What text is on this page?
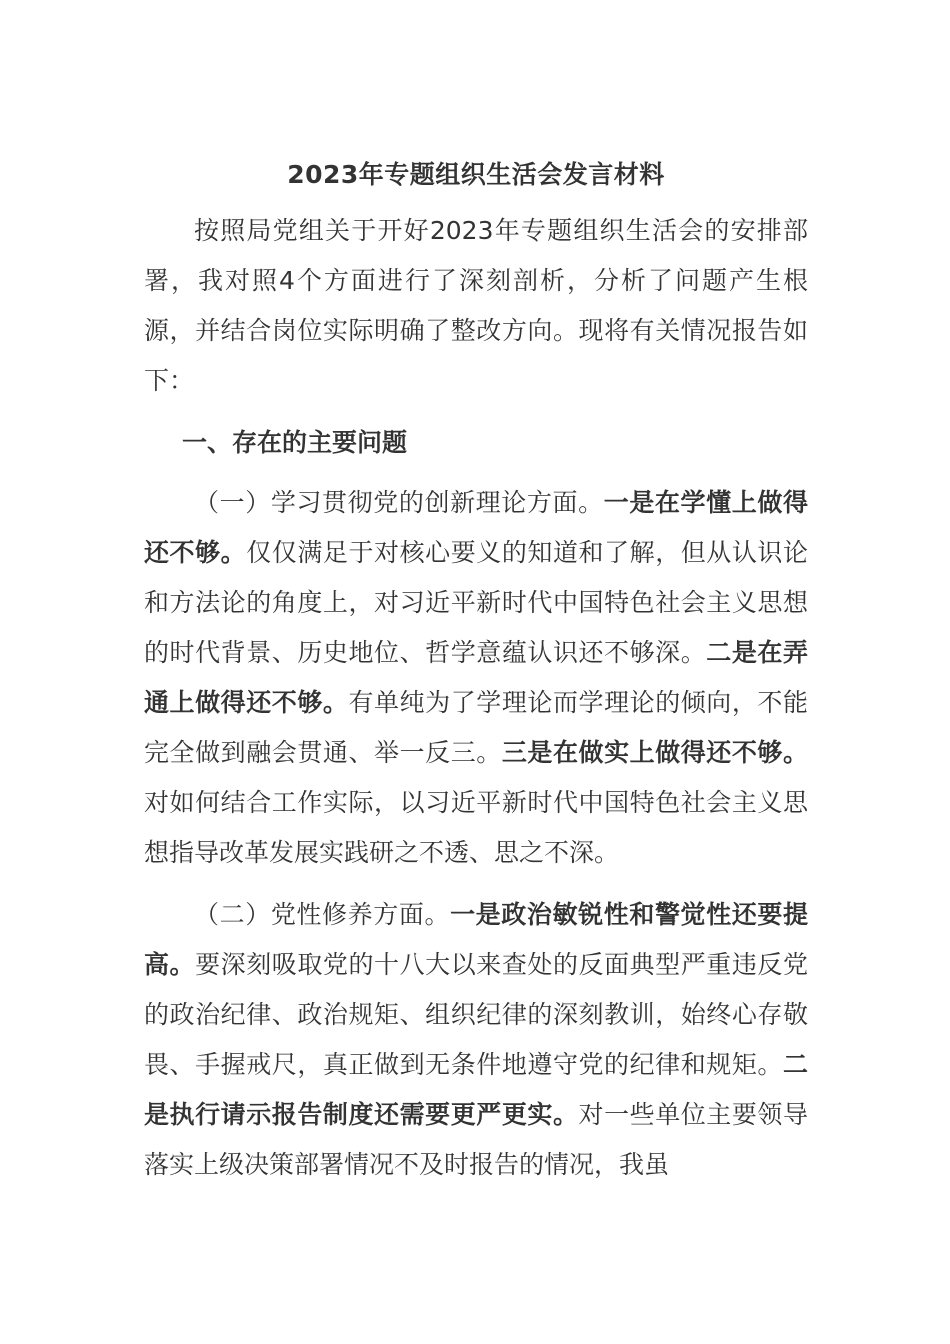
2023年专题组织生活会发言材料

按照局党组关于开好2023年专题组织生活会的安排部署，我对照4个方面进行了深刻剖析，分析了问题产生根源，并结合岗位实际明确了整改方向。现将有关情况报告如下：

一、存在的主要问题

（一）学习贯彻党的创新理论方面。一是在学懂上做得还不够。仅仅满足于对核心要义的知道和了解，但从认识论和方法论的角度上，对习近平新时代中国特色社会主义思想的时代背景、历史地位、哲学意蕴认识还不够深。二是在弄通上做得还不够。有单纯为了学理论而学理论的倾向，不能完全做到融会贯通、举一反三。三是在做实上做得还不够。对如何结合工作实际，以习近平新时代中国特色社会主义思想指导改革发展实践研之不透、思之不深。

（二）党性修养方面。一是政治敏锐性和警觉性还要提高。要深刻吸取党的十八大以来查处的反面典型严重违反党的政治纪律、政治规矩、组织纪律的深刻教训，始终心存敬畏、手握戒尺，真正做到无条件地遵守党的纪律和规矩。二是执行请示报告制度还需要更严更实。对一些单位主要领导落实上级决策部署情况不及时报告的情况，我虽
